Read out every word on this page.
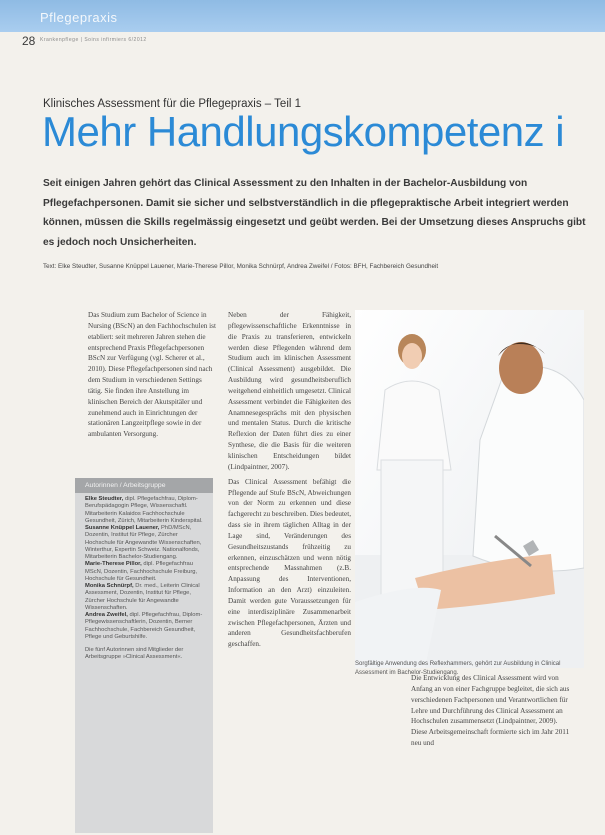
Pflegepraxis
28 Krankenpflege | Soins infirmiers 6/2012
Klinisches Assessment für die Pflegepraxis – Teil 1
Mehr Handlungskompetenz i

Seit einigen Jahren gehört das Clinical Assessment zu den Inhalten in der Bachelor-Ausbildung von Pflegefachpersonen. Damit sie sicher und selbstverständlich in die pflegepraktische Arbeit integriert werden können, müssen die Skills regelmässig eingesetzt und geübt werden. Bei der Umsetzung dieses Anspruchs gibt es jedoch noch Unsicherheiten.

Text: Elke Steudter, Susanne Knüppel Lauener, Marie-Therese Pillor, Monika Schnürpf, Andrea Zweifel / Fotos: BFH, Fachbereich Gesundheit

Das Studium zum Bachelor of Science in Nursing (BScN) an den Fachhochschulen ist etabliert: seit mehreren Jahren stehen die entsprechend Praxis Pflegefachpersonen BScN zur Verfügung (vgl. Scherer et al., 2010). Diese Pflegefachpersonen sind nach dem Studium in verschiedenen Settings tätig. Sie finden ihre Anstellung im klinischen Bereich der Akutspitäler und zunehmend auch in Einrichtungen der stationären Langzeitpflege sowie in der ambulanten Versorgung.

Neben der Fähigkeit, pflegewissenschaftliche Erkenntnisse in die Praxis zu transferieren, entwickeln werden diese Pflegenden während dem Studium auch im klinischen Assessment (Clinical Assessment) ausgebildet. Die Ausbildung wird gesundheitsberuflich weitgehend einheitlich umgesetzt. Clinical Assessment verbindet die Fähigkeiten des Anamnesegesprächs mit den physischen und mentalen Status. Durch die kritische Reflexion der Daten führt dies zu einer Synthese, die die Basis für die weiteren klinischen Entscheidungen bildet (Lindpaintner, 2007).
Das Clinical Assessment befähigt die Pflegende auf Stufe BScN, Abweichungen von der Norm zu erkennen und diese fachgerecht zu beschreiben. Dies bedeutet, dass sie in ihrem täglichen Alltag in der Lage sind, Veränderungen des Gesundheitszustands frühzeitig zu erkennen, einzuschätzen und wenn nötig entsprechende Massnahmen (z.B. Anpassung des Interventionen, Information an den Arzt) einzuleiten. Damit werden gute Voraussetzungen für eine interdisziplinäre Zusammenarbeit zwischen Pflegefachpersonen, Ärzten und anderen Gesundheitsfachberufen geschaffen.

Sorgfältige Anwendung des Reflexhammers, gehört zur Ausbildung in Clinical Assessment im Bachelor-Studiengang.

Autorinnen / Arbeitsgruppe

Elke Steudter, dipl. Pflegefachfrau, Diplom-Berufspädagogin Pflege, Wissenschaftl. Mitarbeiterin Kalaidos Fachhochschule Gesundheit, Zürich, Mitarbeiterin Kinderspital.

Susanne Knüppel Lauener, PhD/MScN, Dozentin, Institut für Pflege, Zürcher Hochschule für Angewandte Wissenschaften, Winterthur, Expertin Schweiz. Nationalfonds, Mitarbeiterin Bachelor-Studiengang.

Marie-Therese Pillor, dipl. Pflegefachfrau MScN, Dozentin, Fachhochschule Freiburg, Hochschule für Gesundheit.

Monika Schnürpf, Dr. med., Leiterin Clinical Assessment, Dozentin, Institut für Pflege, Zürcher Hochschule für Angewandte Wissenschaften.

Andrea Zweifel, dipl. Pflegefachfrau, Diplom-Pflegewissenschaftlerin, Dozentin, Berner Fachhochschule, Fachbereich Gesundheit, Pflege und Geburtshilfe.

Die fünf Autorinnen sind Mitglieder der Arbeitsgruppe »Clinical Assessment«.

Die Entwicklung des Clinical Assessment wird von Anfang an von einer Fachgruppe begleitet, die sich aus verschiedenen Fachpersonen und Verantwortlichen für Lehre und Durchführung des Clinical Assessment an Hochschulen zusammensetzt (Lindpaintner, 2009). Diese Arbeitsgemeinschaft formierte sich im Jahr 2011 neu und
